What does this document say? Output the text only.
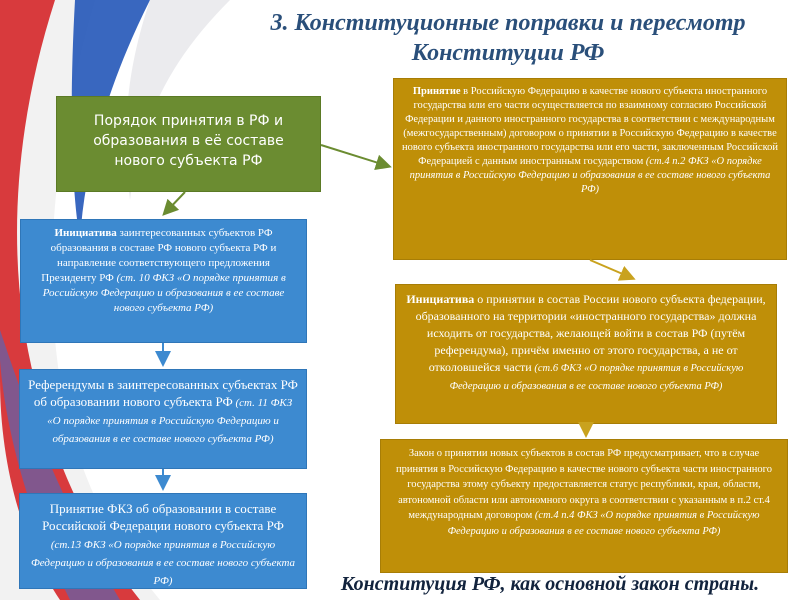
3. Конституционные поправки и пересмотр
Конституции РФ
Порядок принятия в РФ и образования в её составе нового субъекта РФ
Принятие в Российскую Федерацию в качестве нового субъекта иностранного государства или его части осуществляется по взаимному согласию Российской Федерации и данного иностранного государства в соответствии с международным (межгосударственным) договором о принятии в Российскую Федерацию в качестве нового субъекта иностранного государства или его части, заключенным Российской Федерацией с данным иностранным государством (ст.4 п.2 ФКЗ «О порядке принятия в Российскую Федерацию и образования в ее составе нового субъекта РФ)
Инициатива заинтересованных субъектов РФ образования в составе РФ нового субъекта РФ и направление соответствующего предложения Президенту РФ (ст. 10 ФКЗ «О порядке принятия в Российскую Федерацию и образования в ее составе нового субъекта РФ)
Референдумы в заинтересованных субъектах РФ об образовании нового субъекта РФ (ст. 11 ФКЗ «О порядке принятия в Российскую Федерацию и образования в ее составе нового субъекта РФ)
Принятие ФКЗ об образовании в составе Российской Федерации нового субъекта РФ (ст.13 ФКЗ «О порядке принятия в Российскую Федерацию и образования в ее составе нового субъекта РФ)
Инициатива о принятии в состав России нового субъекта федерации, образованного на территории «иностранного государства» должна исходить от государства, желающей войти в состав РФ (путём референдума), причём именно от этого государства, а не от отколовшейся части (ст.6 ФКЗ «О порядке принятия в Российскую Федерацию и образования в ее составе нового субъекта РФ)
Закон о принятии новых субъектов в состав РФ предусматривает, что в случае принятия в Российскую Федерацию в качестве нового субъекта части иностранного государства этому субъекту предоставляется статус республики, края, области, автономной области или автономного округа в соответствии с указанным в п.2 ст.4 международным договором (ст.4 п.4 ФКЗ «О порядке принятия в Российскую Федерацию и образования в ее составе нового субъекта РФ)
Конституция РФ, как основной закон страны.
